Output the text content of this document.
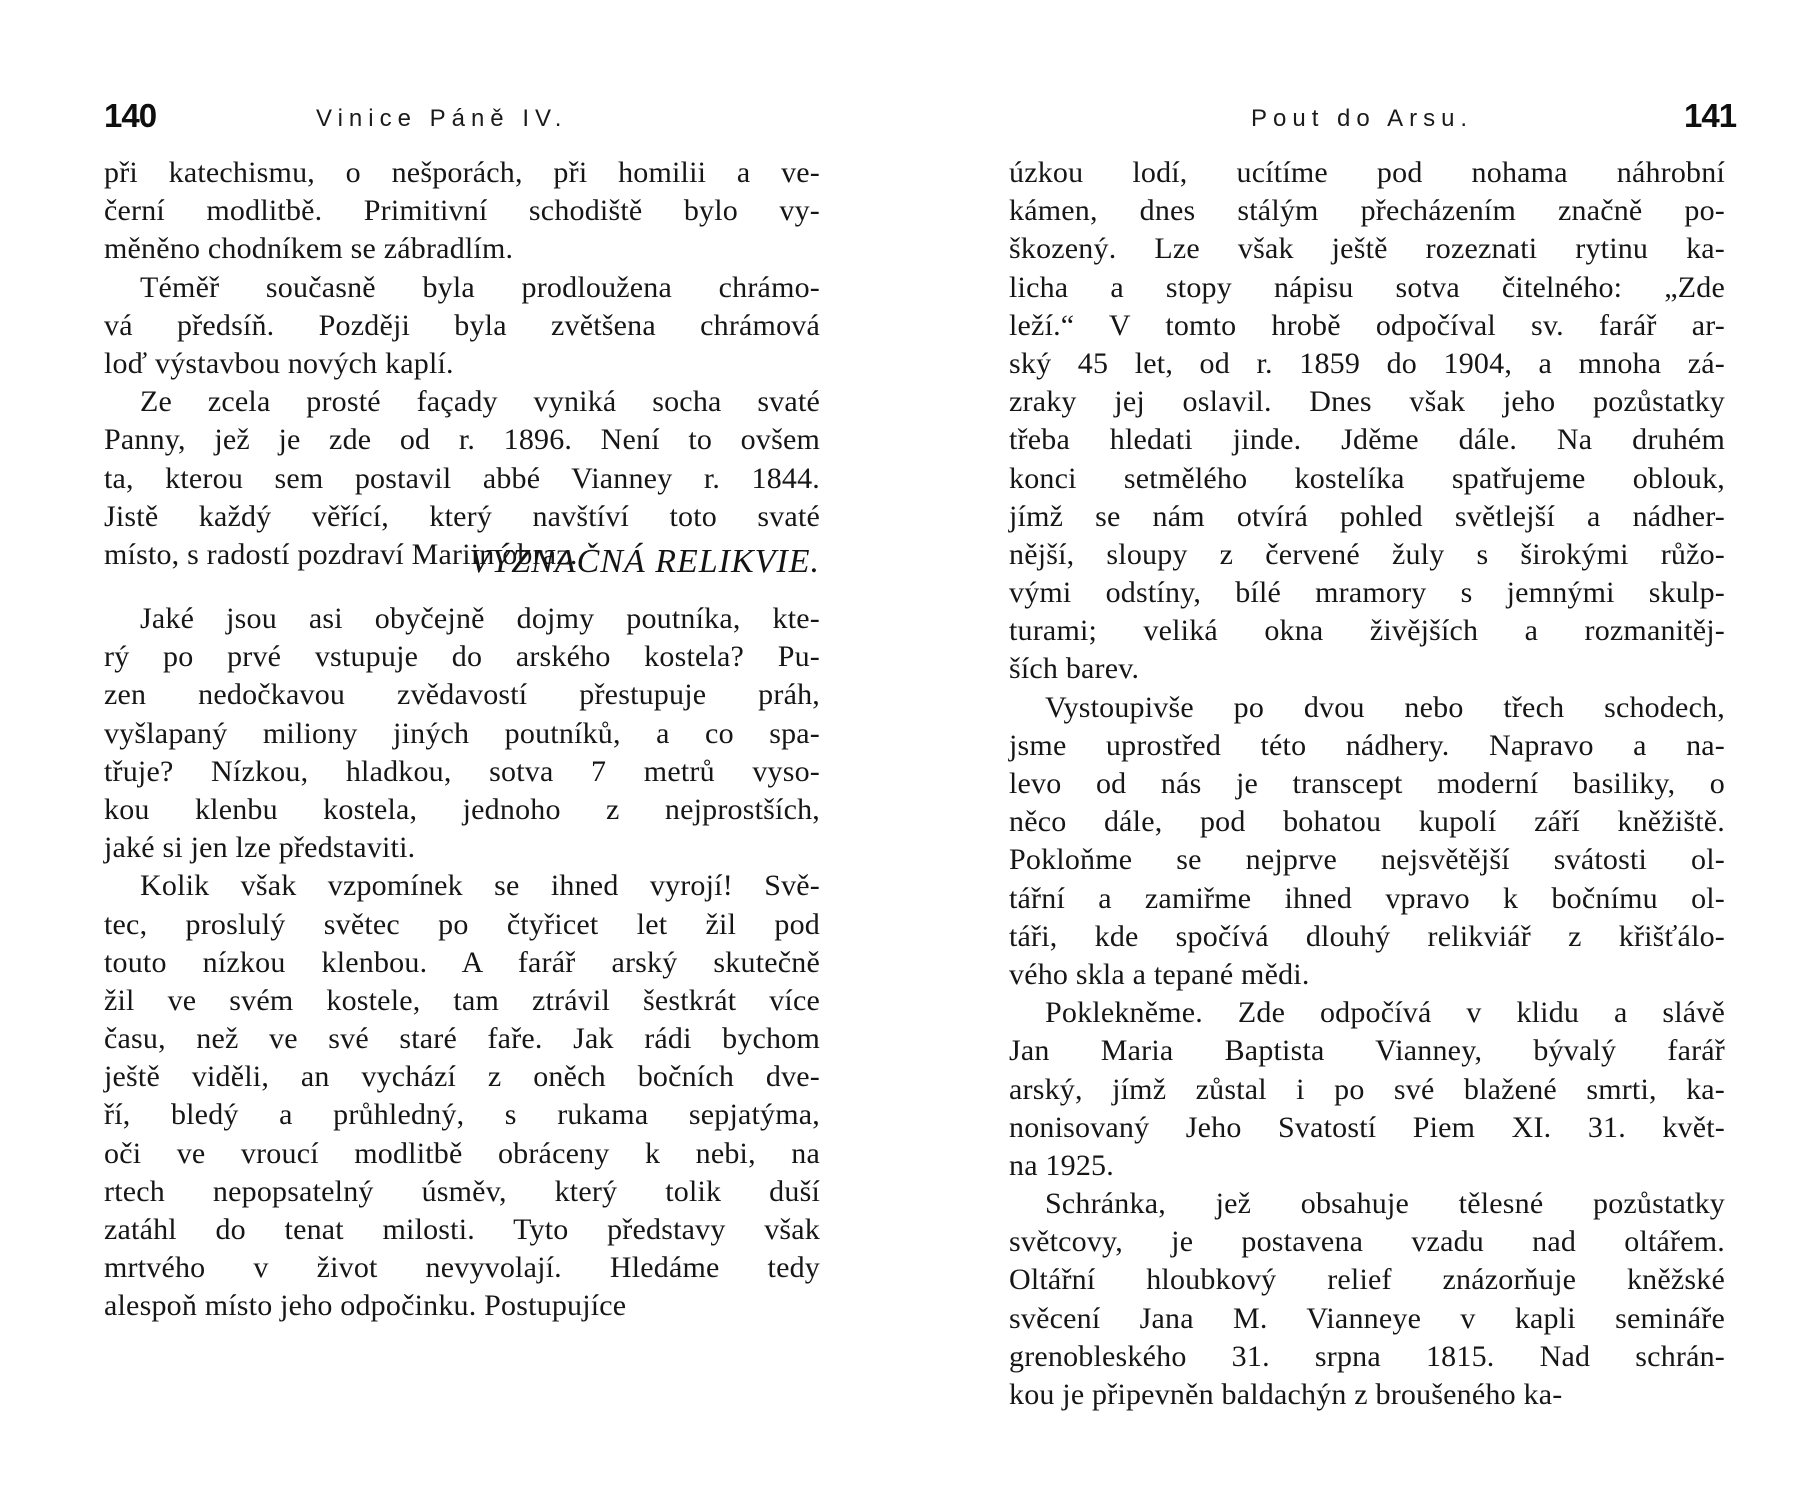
140	Vinice Páně IV.
při katechismu, o nešporách, při homilii a ve-
černí modlitbě. Primitivní schodiště bylo vy-
měněno chodníkem se zábradlím.
Téměř současně byla prodloužena chrámo-
vá předsíň. Později byla zvětšena chrámová
loď výstavbou nových kaplí.
Ze zcela prosté façady vyniká socha svaté
Panny, jež je zde od r. 1896. Není to ovšem
ta, kterou sem postavil abbé Vianney r. 1844.
Jistě každý věřící, který navštíví toto svaté
místo, s radostí pozdraví Mariin obraz.
VÝZNAČNÁ RELIKVIE.
Jaké jsou asi obyčejně dojmy poutníka, kte-
rý po prvé vstupuje do arského kostela? Pu-
zen nedočkavou zvědavostí přestupuje práh,
vyšlapaný miliony jiných poutníků, a co spa-
třuje? Nízkou, hladkou, sotva 7 metrů vyso-
kou klenbu kostela, jednoho z nejprostších,
jaké si jen lze představiti.
Kolik však vzpomínek se ihned vyrojí! Svě-
tec, proslulý světec po čtyřicet let žil pod
touto nízkou klenbou. A farář arský skutečně
žil ve svém kostele, tam ztrávil šestkrát více
času, než ve své staré faře. Jak rádi bychom
ještě viděli, an vychází z oněch bočních dve-
ří, bledý a průhledný, s rukama sepjatýma,
oči ve vroucí modlitbě obráceny k nebi, na
rtech nepopsatelný úsměv, který tolik duší
zatáhl do tenat milosti. Tyto představy však
mrtvého v život nevyvolají. Hledáme tedy
alespoň místo jeho odpočinku. Postupujíce
Pout do Arsu.	141
úzkou lodí, ucítíme pod nohama náhrobní
kámen, dnes stálým přecházením značně po-
škozený. Lze však ještě rozeznati rytinu ka-
licha a stopy nápisu sotva čitelného: „Zde
leží.“ V tomto hrobě odpočíval sv. farář ar-
ský 45 let, od r. 1859 do 1904, a mnoha zá-
zraky jej oslavil. Dnes však jeho pozůstatky
třeba hledati jinde. Jděme dále. Na druhém
konci setmělého kostelíka spatřujeme oblouk,
jímž se nám otvírá pohled světlejší a nádher-
nější, sloupy z červené žuly s širokými růžo-
vými odstíny, bílé mramory s jemnými skulp-
turami; veliká okna živějších a rozmanitěj-
ších barev.
Vystoupivše po dvou nebo třech schodech,
jsme uprostřed této nádhery. Napravo a na-
levo od nás je transcept moderní basiliky, o
něco dále, pod bohatou kupolí září kněžiště.
Pokloňme se nejprve nejsvětější svátosti ol-
tářní a zamiřme ihned vpravo k bočnímu ol-
táři, kde spočívá dlouhý relikviář z křišťálo-
vého skla a tepané mědi.
Poklekněme. Zde odpočívá v klidu a slávě
Jan Maria Baptista Vianney, bývalý farář
arský, jímž zůstal i po své blažené smrti, ka-
nonisovaný Jeho Svatostí Piem XI. 31. květ-
na 1925.
Schránka, jež obsahuje tělesné pozůstatky
světcovy, je postavena vzadu nad oltářem.
Oltářní hloubkový relief znázorňuje kněžské
svěcení Jana M. Vianneye v kapli semináře
grenobleského 31. srpna 1815. Nad schrán-
kou je připevněn baldachýn z broušeného ka-
